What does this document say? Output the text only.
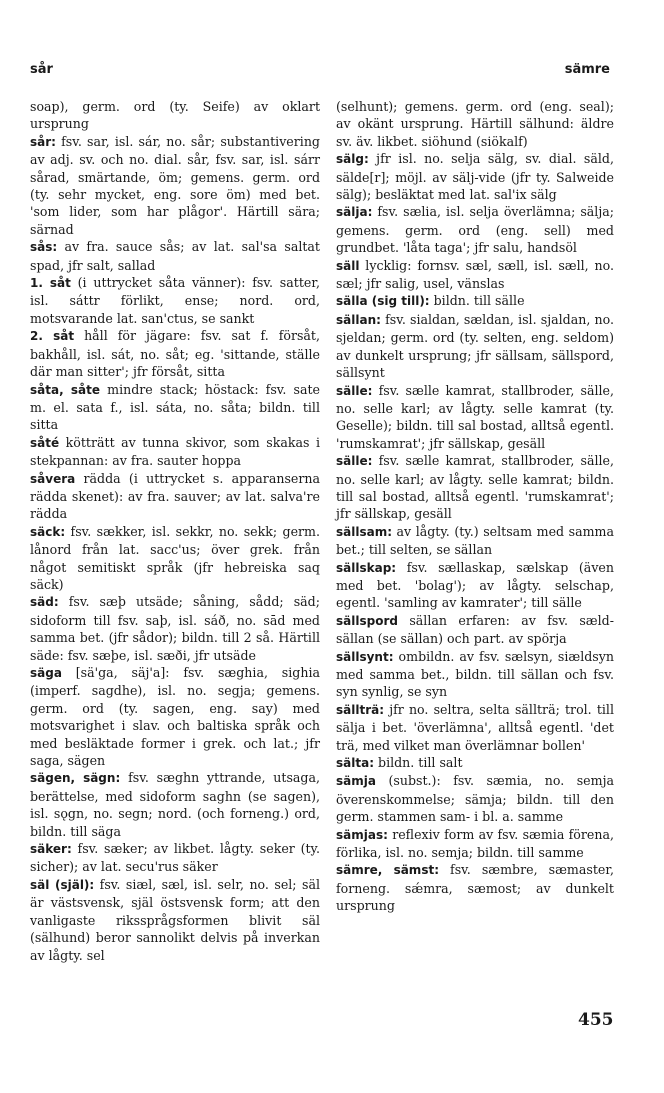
sår	sämre
soap), germ. ord (ty. Seife) av oklart ursprung
sår: fsv. sar, isl. sár, no. sår; substantivering av adj. sv. och no. dial. sår, fsv. sar, isl. sárr sårad, smärtande, öm; gemens. germ. ord (ty. sehr mycket, eng. sore öm) med bet. 'som lider, som har plågor'. Härtill sära; särnad
sås: av fra. sauce sås; av lat. sal'sa saltat spad, jfr salt, sallad
1. såt (i uttrycket såta vänner): fsv. satter, isl. sáttr förlikt, ense; nord. ord, motsvarande lat. san'ctus, se sankt
2. såt håll för jägare: fsv. sat f. försåt, bakhåll, isl. sát, no. såt; eg. 'sittande, ställe där man sitter'; jfr försåt, sitta
såta, såte mindre stack; höstack: fsv. sate m. el. sata f., isl. sáta, no. såta; bildn. till sitta
såté kötträtt av tunna skivor, som skakas i stekpannan: av fra. sauter hoppa
såvera rädda (i uttrycket s. apparanserna rädda skenet): av fra. sauver; av lat. salva're rädda
säck: fsv. sækker, isl. sekkr, no. sekk; germ. lånord från lat. sacc'us; över grek. från något semitiskt språk (jfr hebreiska saq säck)
säd: fsv. sæþ utsäde; såning, sådd; säd; sidoform till fsv. saþ, isl. sáð, no. sād med samma bet. (jfr sådor); bildn. till 2 så. Härtill säde: fsv. sæþe, isl. sæði, jfr utsäde
säga [sä'ga, säj'a]: fsv. sæghia, sighia (imperf. sagdhe), isl. no. segja; gemens. germ. ord (ty. sagen, eng. say) med motsvarighet i slav. och baltiska språk och med besläktade former i grek. och lat.; jfr saga, sägen
sägen, sägn: fsv. sæghn yttrande, utsaga, berättelse, med sidoform saghn (se sagen), isl. sǫgn, no. segn; nord. (och forneng.) ord, bildn. till säga
säker: fsv. sæker; av likbet. lågty. seker (ty. sicher); av lat. secu'rus säker
säl (själ): fsv. siæl, sæl, isl. selr, no. sel; säl är västsvensk, själ östsvensk form; att den vanligaste rikssprågsformen blivit säl (sälhund) beror sannolikt delvis på inverkan av lågty. sel
(selhunt); gemens. germ. ord (eng. seal); av okänt ursprung. Härtill sälhund: äldre sv. äv. likbet. siöhund (siökalf)
sälg: jfr isl. no. selja sälg, sv. dial. säld, sälde[r]; möjl. av sälj-vide (jfr ty. Salweide sälg); besläktat med lat. sal'ix sälg
sälja: fsv. sælia, isl. selja överlämna; sälja; gemens. germ. ord (eng. sell) med grundbet. 'låta taga'; jfr salu, handsöl
säll lycklig: fornsv. sæl, sæll, isl. sæll, no. sæl; jfr salig, usel, vänslas
sälla (sig till): bildn. till sälle
sällan: fsv. sialdan, sældan, isl. sjaldan, no. sjeldan; germ. ord (ty. selten, eng. seldom) av dunkelt ursprung; jfr sällsam, sällspord, sällsynt
sälle: fsv. sælle kamrat, stallbroder, sälle, no. selle karl; av lågty. selle kamrat (ty. Geselle); bildn. till sal bostad, alltså egentl. 'rumskamrat'; jfr sällskap, gesäll
sälle: fsv. sælle kamrat, stallbroder, sälle, no. selle karl; av lågty. selle kamrat; bildn. till sal bostad, alltså egentl. 'rumskamrat'; jfr sällskap, gesäll
sällsam: av lågty. (ty.) seltsam med samma bet.; till selten, se sällan
sällskap: fsv. sællaskap, sælskap (även med bet. 'bolag'); av lågty. selschap, egentl. 'samling av kamrater'; till sälle
sällspord sällan erfaren: av fsv. sæld- sällan (se sällan) och part. av spörja
sällsynt: ombildn. av fsv. sælsyn, siældsyn med samma bet., bildn. till sällan och fsv. syn synlig, se syn
sällträ: jfr no. seltra, selta sällträ; trol. till sälja i bet. 'överlämna', alltså egentl. 'det trä, med vilket man överlämnar bollen'
sälta: bildn. till salt
sämja (subst.): fsv. sæmia, no. semja överenskommelse; sämja; bildn. till den germ. stammen sam- i bl. a. samme
sämjas: reflexiv form av fsv. sæmia förena, förlika, isl. no. semja; bildn. till samme
sämre, sämst: fsv. sæmbre, sæmaster, forneng. sǽmra, sæmost; av dunkelt ursprung
455
